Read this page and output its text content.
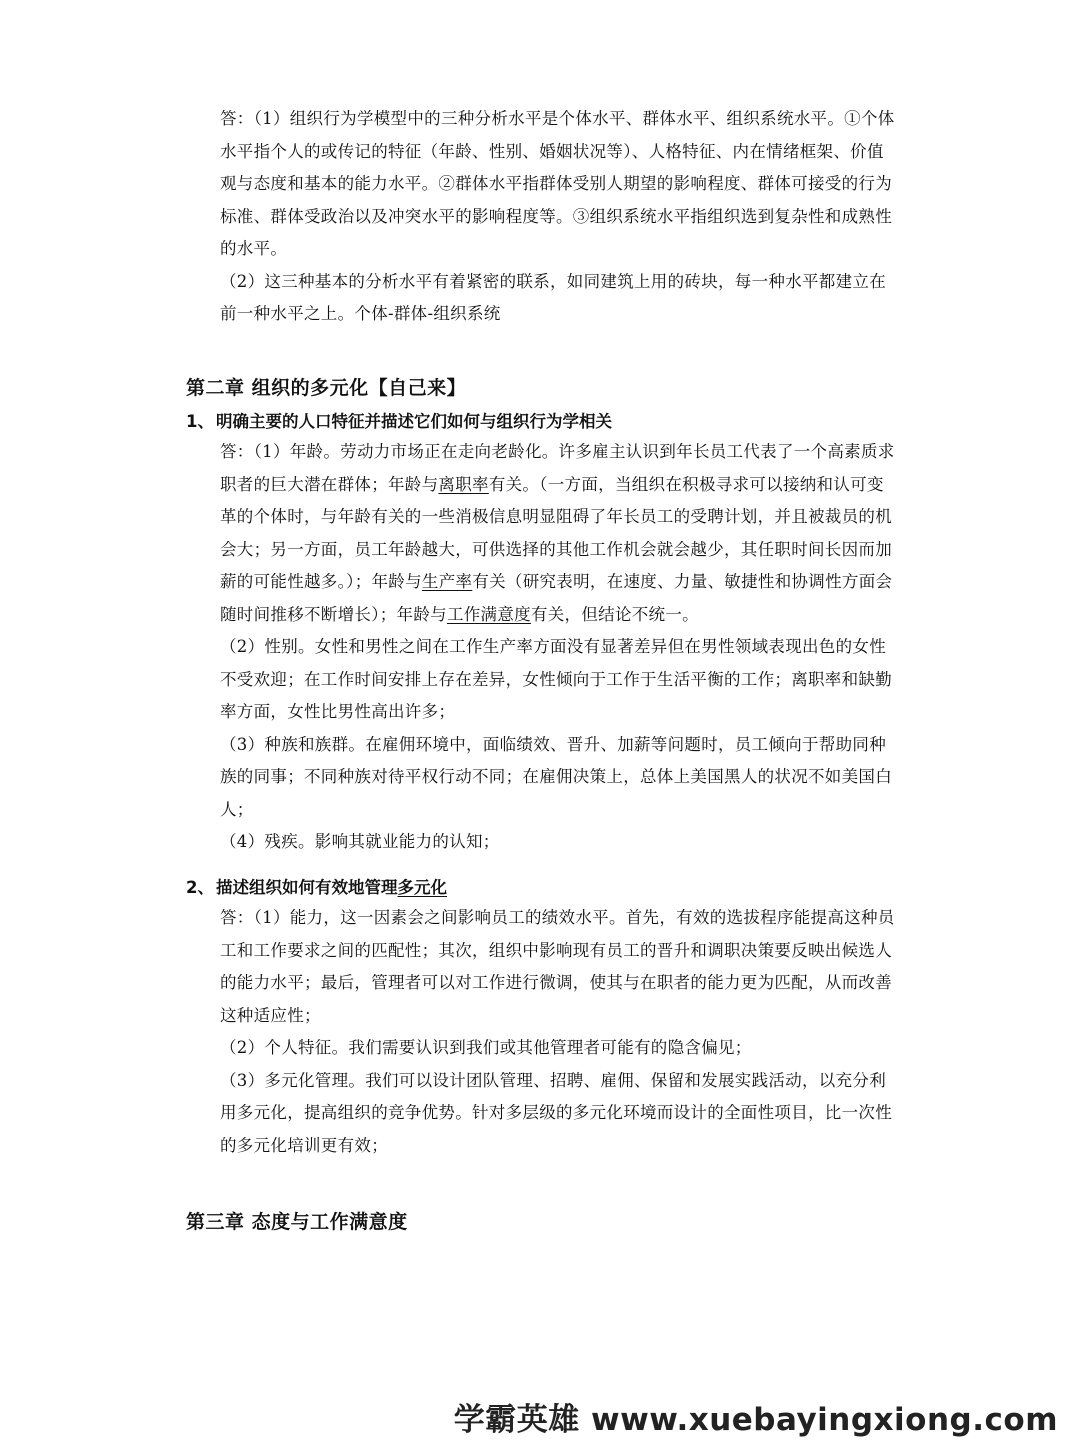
答：（1）组织行为学模型中的三种分析水平是个体水平、群体水平、组织系统水平。①个体水平指个人的或传记的特征（年龄、性别、婚姻状况等）、人格特征、内在情绪框架、价值观与态度和基本的能力水平。②群体水平指群体受别人期望的影响程度、群体可接受的行为标准、群体受政治以及冲突水平的影响程度等。③组织系统水平指组织选到复杂性和成熟性的水平。

（2）这三种基本的分析水平有着紧密的联系，如同建筑上用的砖块，每一种水平都建立在前一种水平之上。个体-群体-组织系统

第二章 组织的多元化【自己来】
1、 明确主要的人口特征并描述它们如何与组织行为学相关

答：（1）年龄。劳动力市场正在走向老龄化。许多雇主认识到年长员工代表了一个高素质求职者的巨大潜在群体；年龄与离职率有关。（一方面，当组织在积极寻求可以接纳和认可变革的个体时，与年龄有关的一些消极信息明显阻碍了年长员工的受聘计划，并且被裁员的机会大；另一方面，员工年龄越大，可供选择的其他工作机会就会越少，其任职时间长因而加薪的可能性越多。）；年龄与生产率有关（研究表明，在速度、力量、敏捷性和协调性方面会随时间推移不断增长）；年龄与工作满意度有关，但结论不统一。

（2）性别。女性和男性之间在工作生产率方面没有显著差异但在男性领域表现出色的女性不受欢迎；在工作时间安排上存在差异，女性倾向于工作于生活平衡的工作；离职率和缺勤率方面，女性比男性高出许多；

（3）种族和族群。在雇佣环境中，面临绩效、晋升、加薪等问题时，员工倾向于帮助同种族的同事；不同种族对待平权行动不同；在雇佣决策上，总体上美国黑人的状况不如美国白人；

（4）残疾。影响其就业能力的认知；

2、 描述组织如何有效地管理多元化

答：（1）能力，这一因素会之间影响员工的绩效水平。首先，有效的选拔程序能提高这种员工和工作要求之间的匹配性；其次，组织中影响现有员工的晋升和调职决策要反映出候选人的能力水平；最后，管理者可以对工作进行微调，使其与在职者的能力更为匹配，从而改善这种适应性；

（2）个人特征。我们需要认识到我们或其他管理者可能有的隐含偏见；

（3）多元化管理。我们可以设计团队管理、招聘、雇佣、保留和发展实践活动，以充分利用多元化，提高组织的竞争优势。针对多层级的多元化环境而设计的全面性项目，比一次性的多元化培训更有效；

第三章 态度与工作满意度
学霸英雄 www.xuebayingxiong.com
